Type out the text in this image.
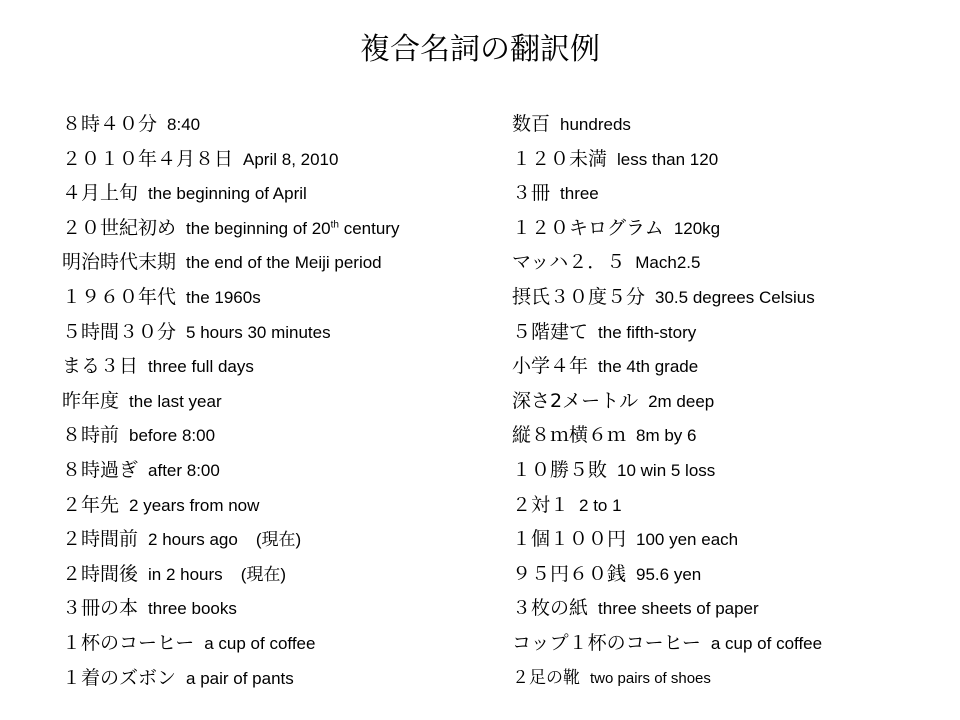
複合名詞の翻訳例
８時４０分 8:40
２０１０年４月８日 April 8, 2010
４月上旬 the beginning of April
２０世紀初め the beginning of 20th century
明治時代末期 the end of the Meiji period
１９６０年代 the 1960s
５時間３０分 5 hours 30 minutes
まる３日 three full days
昨年度 the last year
８時前 before 8:00
８時過ぎ after 8:00
２年先 2 years from now
２時間前 2 hours ago (現在)
２時間後 in 2 hours (現在)
３冊の本 three books
１杯のコーヒー a cup of coffee
１着のズボン a pair of pants
数百 hundreds
１２０未満 less than 120
３冊 three
１２０キログラム 120kg
マッハ２．５ Mach2.5
摂氏３０度５分 30.5 degrees Celsius
５階建て the fifth-story
小学４年 the 4th grade
深さ2メートル 2m deep
縦８ｍ横６ｍ 8m by 6
１０勝５敗 10 win 5 loss
２対１ 2 to 1
１個１００円 100 yen each
９５円６０銭 95.6 yen
３枚の紙 three sheets of paper
コップ１杯のコーヒー a cup of coffee
２足の靴 two pairs of shoes
